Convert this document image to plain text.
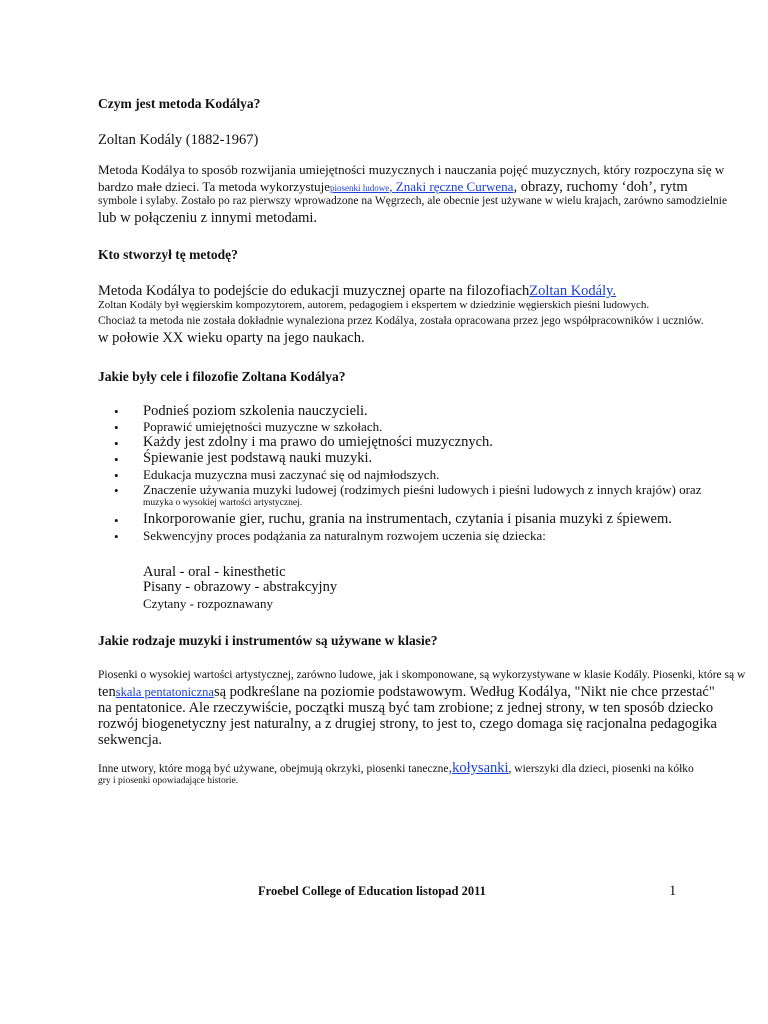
Czym jest metoda Kodálya?
Zoltan Kodály (1882-1967)
Metoda Kodálya to sposób rozwijania umiejętności muzycznych i nauczania pojęć muzycznych, który rozpoczyna się w
bardzo małe dzieci. Ta metoda wykorzystujepiosenki ludowe, Znaki ręczne Curwena, obrazy, ruchomy ‘doh’, rytm
symbole i sylaby. Zostało po raz pierwszy wprowadzone na Węgrzech, ale obecnie jest używane w wielu krajach, zarówno samodzielnie
lub w połączeniu z innymi metodami.
Kto stworzył tę metodę?
Metoda Kodálya to podejście do edukacji muzycznej oparte na filozofiachZoltan Kodály.
Zoltan Kodály był węgierskim kompozytorem, autorem, pedagogiem i ekspertem w dziedzinie węgierskich pieśni ludowych.
Chociaż ta metoda nie została dokładnie wynaleziona przez Kodálya, została opracowana przez jego współpracowników i uczniów.
w połowie XX wieku oparty na jego naukach.
Jakie były cele i filozofie Zoltana Kodálya?
• Podnieś poziom szkolenia nauczycieli.
• Poprawić umiejętności muzyczne w szkołach.
• Każdy jest zdolny i ma prawo do umiejętności muzycznych.
• Śpiewanie jest podstawą nauki muzyki.
• Edukacja muzyczna musi zaczynać się od najmłodszych.
• Znaczenie używania muzyki ludowej (rodzimych pieśni ludowych i pieśni ludowych z innych krajów) oraz
muzyka o wysokiej wartości artystycznej.
• Inkorporowanie gier, ruchu, grania na instrumentach, czytania i pisania muzyki z śpiewem.
• Sekwencyjny proces podążania za naturalnym rozwojem uczenia się dziecka:
Aural - oral - kinesthetic
Pisany - obrazowy - abstrakcyjny
Czytany - rozpoznawany
Jakie rodzaje muzyki i instrumentów są używane w klasie?
Piosenki o wysokiej wartości artystycznej, zarówno ludowe, jak i skomponowane, są wykorzystywane w klasie Kodály. Piosenki, które są w
tenskala pentatonicznasą podkreślane na poziomie podstawowym. Według Kodálya, "Nikt nie chce przestać"
na pentatonice. Ale rzeczywiście, początki muszą być tam zrobione; z jednej strony, w ten sposób dziecko
rozwój biogenetyczny jest naturalny, a z drugiej strony, to jest to, czego domaga się racjonalna pedagogika
sekwencja.
Inne utwory, które mogą być używane, obejmują okrzyki, piosenki taneczne,kołysanki, wierszyki dla dzieci, piosenki na kółko
gry i piosenki opowiadające historie.
Froebel College of Education listopad 2011	1
